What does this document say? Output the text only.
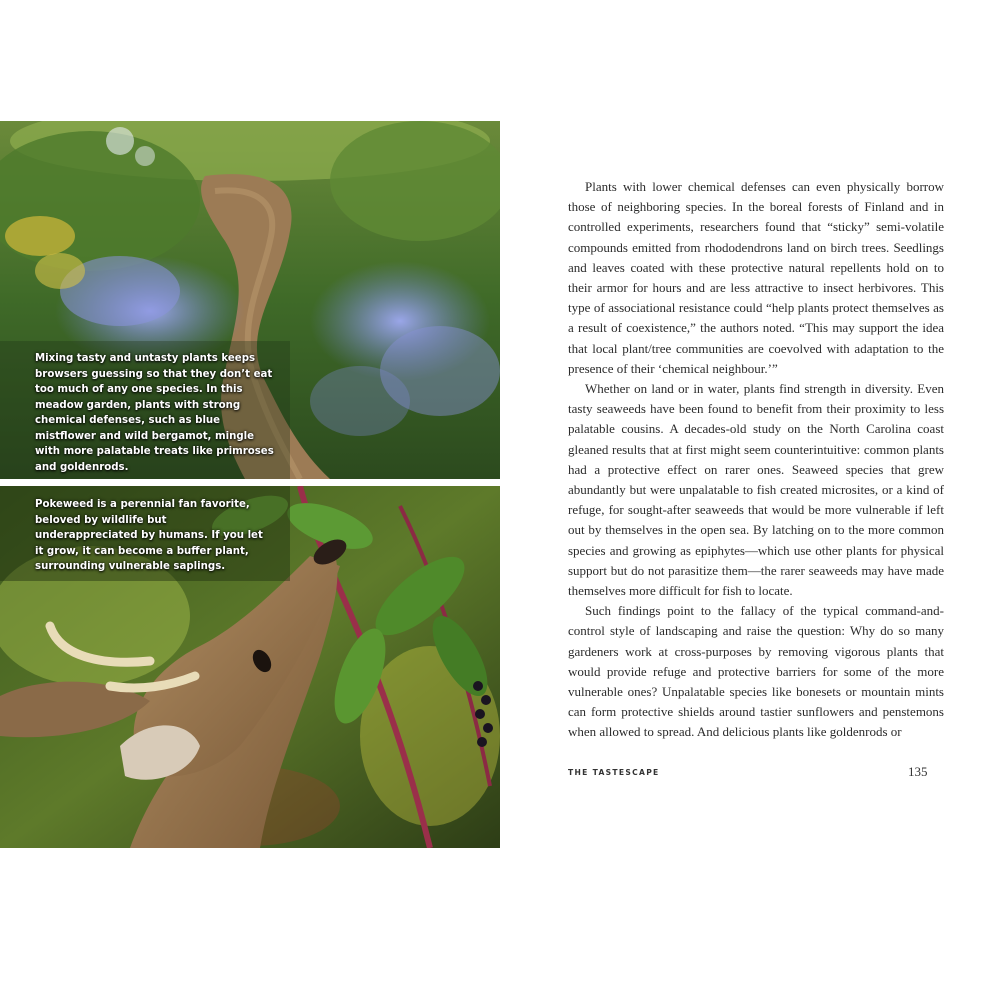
Mixing tasty and untasty plants keeps browsers guessing so that they don’t eat too much of any one species. In this meadow garden, plants with strong chemical defenses, such as blue mistflower and wild bergamot, mingle with more palatable treats like primroses and goldenrods.

Pokeweed is a perennial fan favorite, beloved by wildlife but underappreciated by humans. If you let it grow, it can become a buffer plant, surrounding vulnerable saplings.

Plants with lower chemical defenses can even physically borrow those of neighboring species. In the boreal forests of Finland and in controlled experiments, researchers found that “sticky” semi-volatile compounds emitted from rhododendrons land on birch trees. Seedlings and leaves coated with these protective natural repellents hold on to their armor for hours and are less attractive to insect herbivores. This type of associational resistance could “help plants protect themselves as a result of coexistence,” the authors noted. “This may support the idea that local plant/tree communities are coevolved with adaptation to the presence of their ‘chemical neighbour.’”

Whether on land or in water, plants find strength in diversity. Even tasty seaweeds have been found to benefit from their proximity to less palatable cousins. A decades-old study on the North Carolina coast gleaned results that at first might seem counterintuitive: common plants had a protective effect on rarer ones. Seaweed species that grew abundantly but were unpalatable to fish created microsites, or a kind of refuge, for sought-after seaweeds that would be more vulnerable if left out by themselves in the open sea. By latching on to the more common species and growing as epiphytes—which use other plants for physical support but do not parasitize them—the rarer seaweeds may have made themselves more difficult for fish to locate.

Such findings point to the fallacy of the typical command-and-control style of landscaping and raise the question: Why do so many gardeners work at cross-purposes by removing vigorous plants that would provide refuge and protective barriers for some of the more vulnerable ones? Unpalatable species like bonesets or mountain mints can form protective shields around tastier sunflowers and penstemons when allowed to spread. And delicious plants like goldenrods or

THE TASTESCAPE	135
